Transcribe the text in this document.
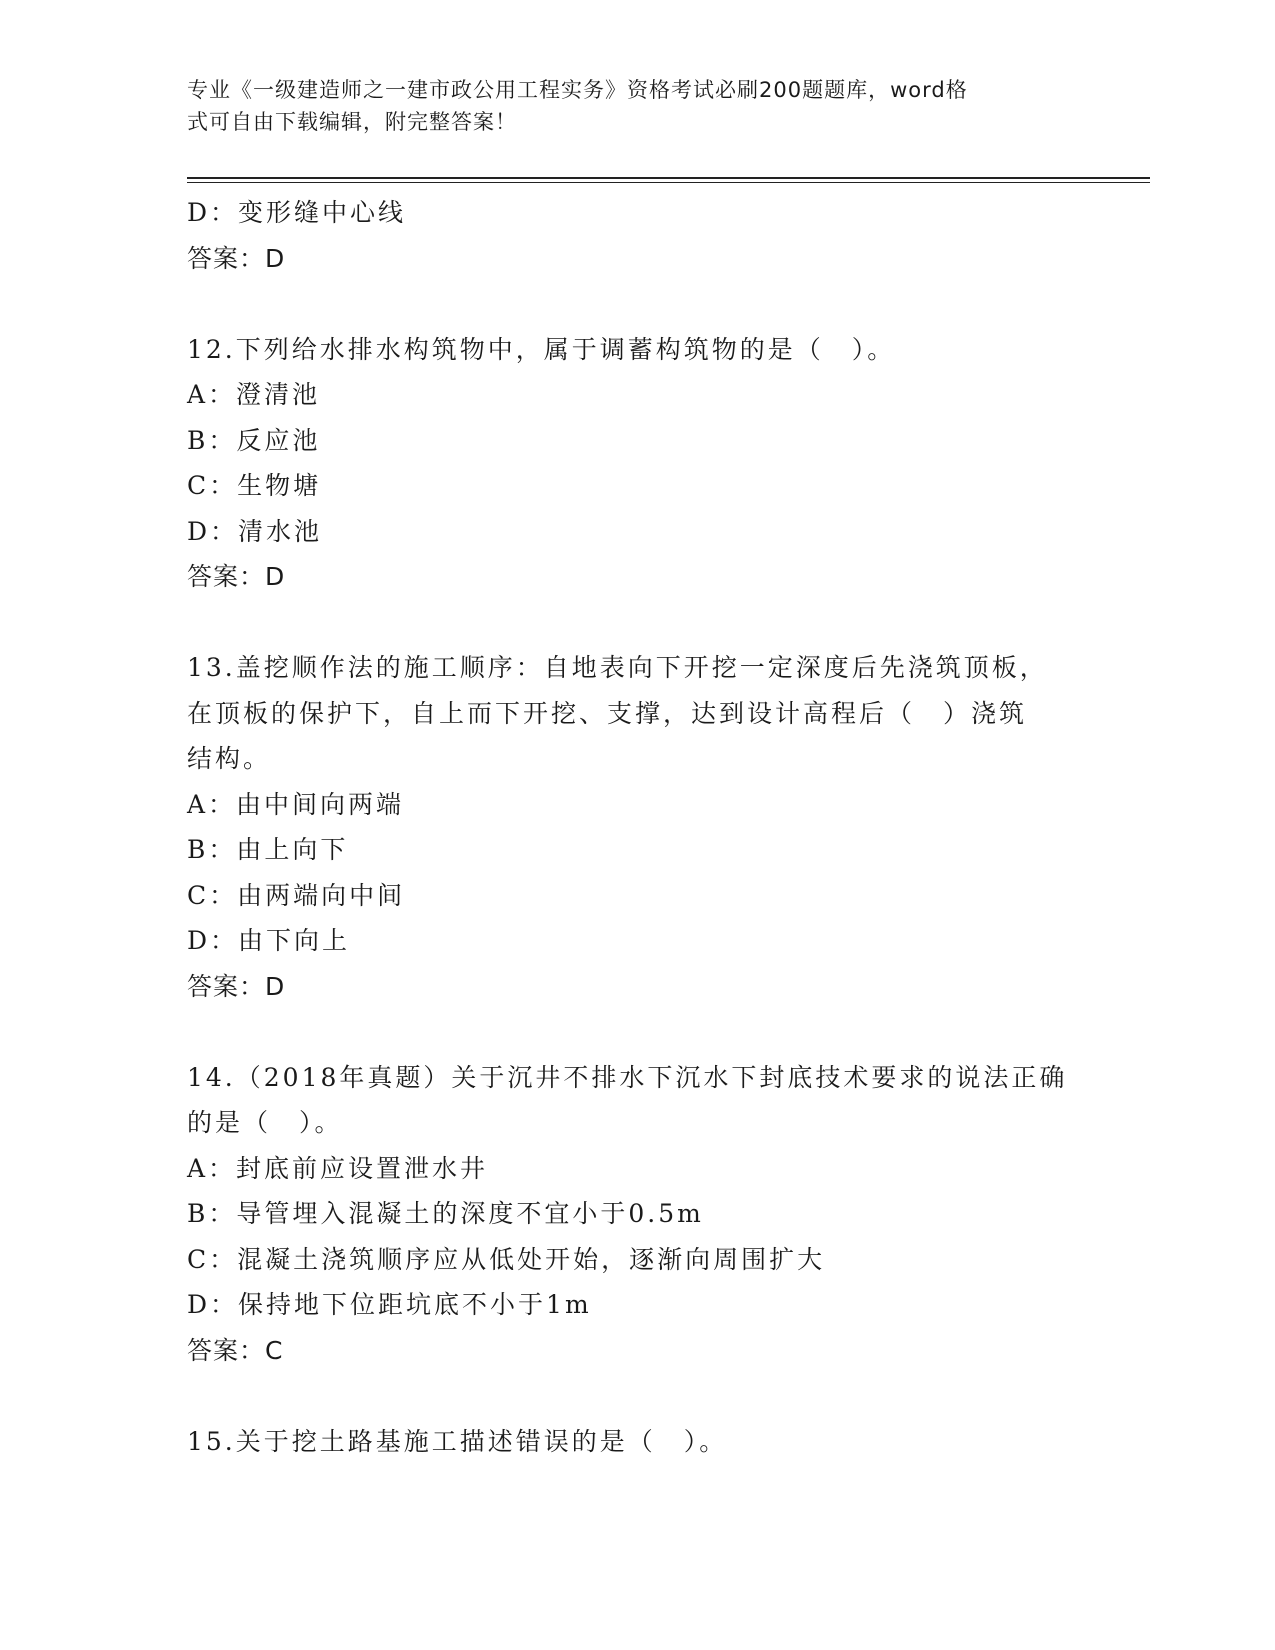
专业《一级建造师之一建市政公用工程实务》资格考试必刷200题题库，word格
式可自由下载编辑，附完整答案！
D：变形缝中心线
答案：D
12.下列给水排水构筑物中，属于调蓄构筑物的是（　）。
A：澄清池
B：反应池
C：生物塘
D：清水池
答案：D
13.盖挖顺作法的施工顺序：自地表向下开挖一定深度后先浇筑顶板，
在顶板的保护下，自上而下开挖、支撑，达到设计高程后（　）浇筑
结构。
A：由中间向两端
B：由上向下
C：由两端向中间
D：由下向上
答案：D
14.（2018年真题）关于沉井不排水下沉水下封底技术要求的说法正确
的是（　）。
A：封底前应设置泄水井
B：导管埋入混凝土的深度不宜小于0.5m
C：混凝土浇筑顺序应从低处开始，逐渐向周围扩大
D：保持地下位距坑底不小于1m
答案：C
15.关于挖土路基施工描述错误的是（　）。
